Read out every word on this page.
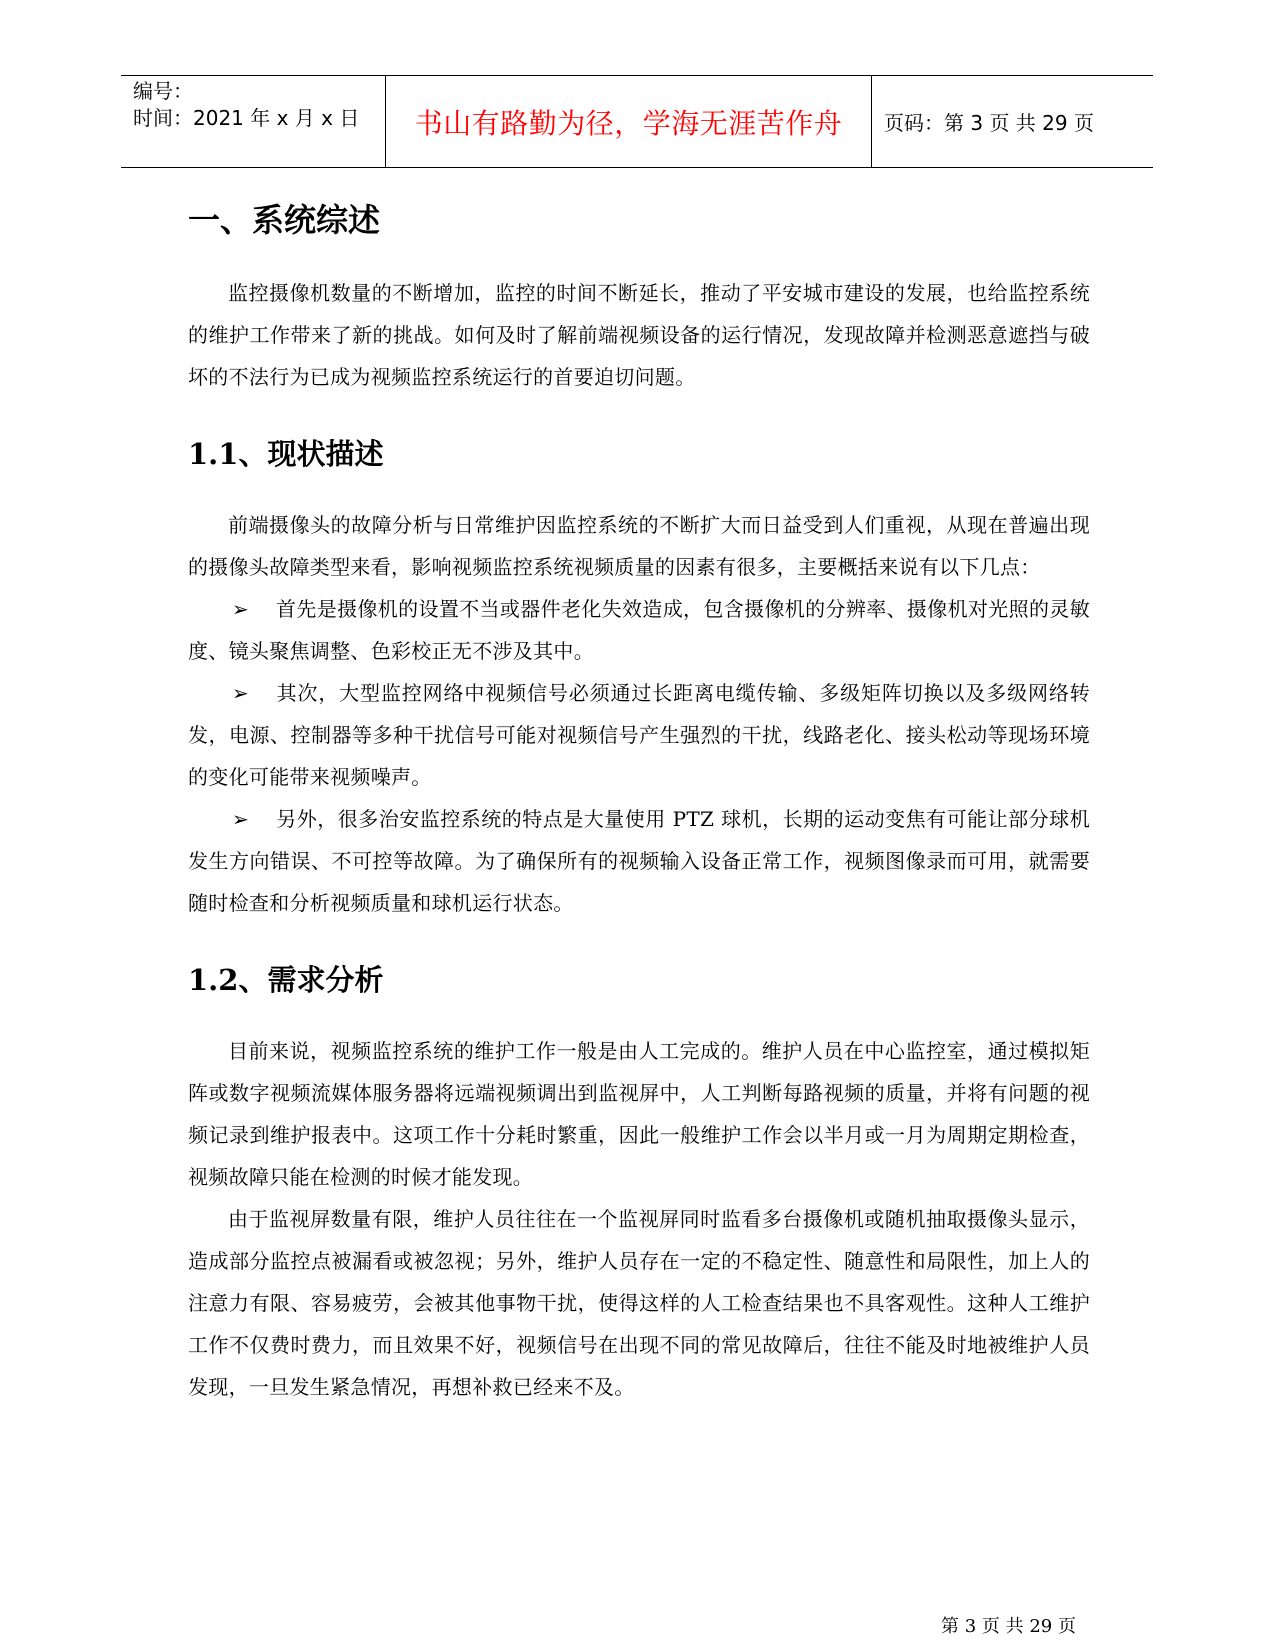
编号：
时间：2021 年 x 月 x 日	书山有路勤为径，学海无涯苦作舟 页码：第 3 页 共 29 页
一、系统综述

监控摄像机数量的不断增加，监控的时间不断延长，推动了平安城市建设的发展，也给监控系统的维护工作带来了新的挑战。如何及时了解前端视频设备的运行情况，发现故障并检测恶意遮挡与破坏的不法行为已成为视频监控系统运行的首要迫切问题。

1.1、现状描述

前端摄像头的故障分析与日常维护因监控系统的不断扩大而日益受到人们重视，从现在普遍出现的摄像头故障类型来看，影响视频监控系统视频质量的因素有很多，主要概括来说有以下几点：

➢ 首先是摄像机的设置不当或器件老化失效造成，包含摄像机的分辨率、摄像机对光照的灵敏度、镜头聚焦调整、色彩校正无不涉及其中。

➢ 其次，大型监控网络中视频信号必须通过长距离电缆传输、多级矩阵切换以及多级网络转发，电源、控制器等多种干扰信号可能对视频信号产生强烈的干扰，线路老化、接头松动等现场环境的变化可能带来视频噪声。

➢ 另外，很多治安监控系统的特点是大量使用 PTZ 球机，长期的运动变焦有可能让部分球机发生方向错误、不可控等故障。为了确保所有的视频输入设备正常工作，视频图像录而可用，就需要随时检查和分析视频质量和球机运行状态。

1.2、需求分析

目前来说，视频监控系统的维护工作一般是由人工完成的。维护人员在中心监控室，通过模拟矩阵或数字视频流媒体服务器将远端视频调出到监视屏中，人工判断每路视频的质量，并将有问题的视频记录到维护报表中。这项工作十分耗时繁重，因此一般维护工作会以半月或一月为周期定期检查，视频故障只能在检测的时候才能发现。

由于监视屏数量有限，维护人员往往在一个监视屏同时监看多台摄像机或随机抽取摄像头显示，造成部分监控点被漏看或被忽视；另外，维护人员存在一定的不稳定性、随意性和局限性，加上人的注意力有限、容易疲劳，会被其他事物干扰，使得这样的人工检查结果也不具客观性。这种人工维护工作不仅费时费力，而且效果不好，视频信号在出现不同的常见故障后，往往不能及时地被维护人员发现，一旦发生紧急情况，再想补救已经来不及。

第 3 页 共 29 页
